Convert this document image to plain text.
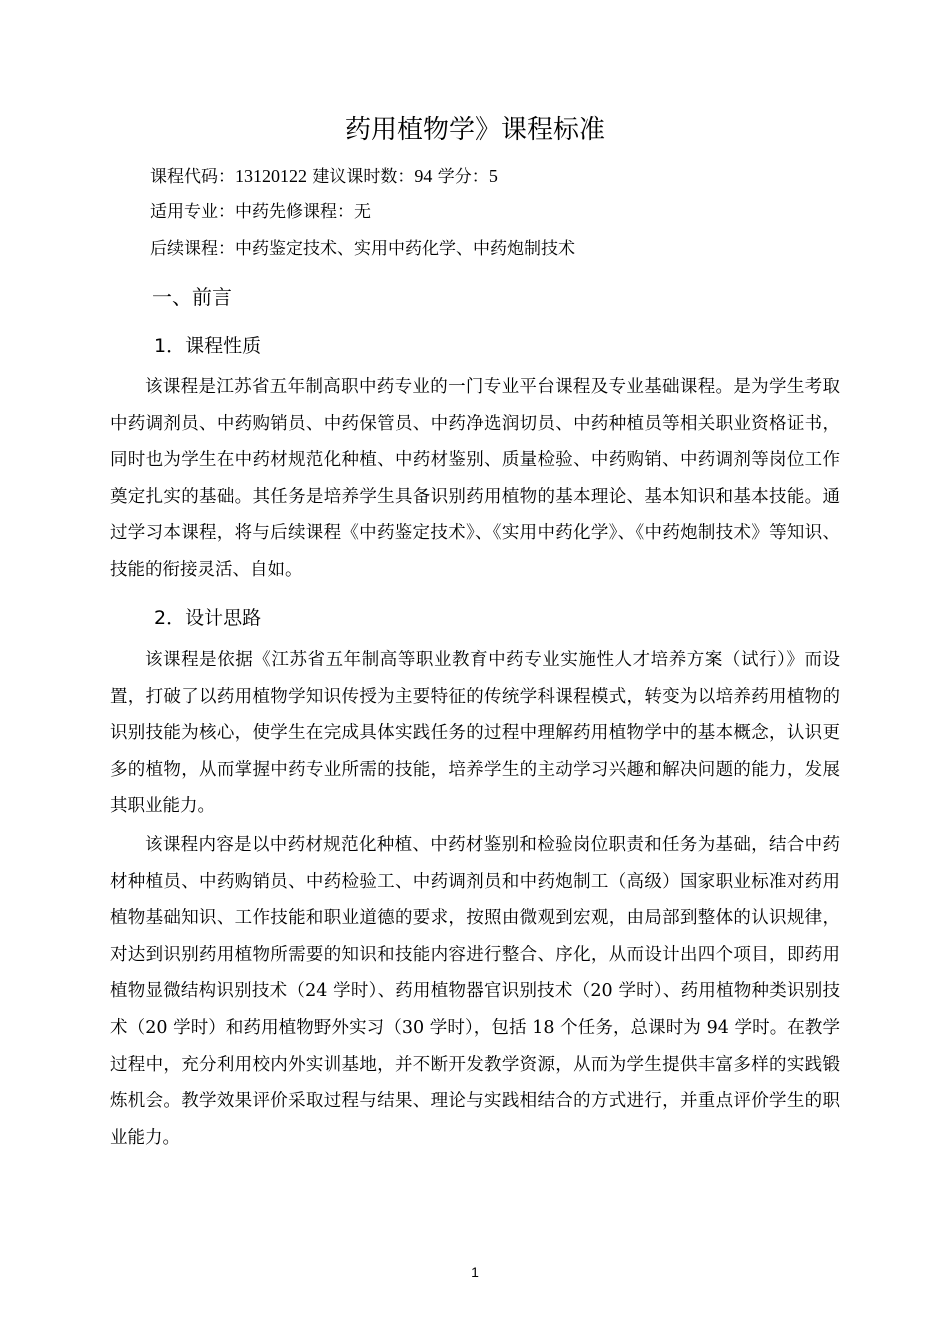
药用植物学》课程标准
课程代码：13120122 建议课时数：94 学分：5
适用专业：中药先修课程：无
后续课程：中药鉴定技术、实用中药化学、中药炮制技术
一、前言
1．课程性质

该课程是江苏省五年制高职中药专业的一门专业平台课程及专业基础课程。是为学生考取中药调剂员、中药购销员、中药保管员、中药净选润切员、中药种植员等相关职业资格证书，同时也为学生在中药材规范化种植、中药材鉴别、质量检验、中药购销、中药调剂等岗位工作奠定扎实的基础。其任务是培养学生具备识别药用植物的基本理论、基本知识和基本技能。通过学习本课程，将与后续课程《中药鉴定技术》、《实用中药化学》、《中药炮制技术》等知识、技能的衔接灵活、自如。

2．设计思路

该课程是依据《江苏省五年制高等职业教育中药专业实施性人才培养方案（试行）》而设置，打破了以药用植物学知识传授为主要特征的传统学科课程模式，转变为以培养药用植物的识别技能为核心，使学生在完成具体实践任务的过程中理解药用植物学中的基本概念，认识更多的植物，从而掌握中药专业所需的技能，培养学生的主动学习兴趣和解决问题的能力，发展其职业能力。

该课程内容是以中药材规范化种植、中药材鉴别和检验岗位职责和任务为基础，结合中药材种植员、中药购销员、中药检验工、中药调剂员和中药炮制工（高级）国家职业标准对药用植物基础知识、工作技能和职业道德的要求，按照由微观到宏观，由局部到整体的认识规律，对达到识别药用植物所需要的知识和技能内容进行整合、序化，从而设计出四个项目，即药用植物显微结构识别技术（24 学时）、药用植物器官识别技术（20 学时）、药用植物种类识别技术（20 学时）和药用植物野外实习（30 学时），包括 18 个任务，总课时为 94 学时。在教学过程中，充分利用校内外实训基地，并不断开发教学资源，从而为学生提供丰富多样的实践锻炼机会。教学效果评价采取过程与结果、理论与实践相结合的方式进行，并重点评价学生的职业能力。

1
